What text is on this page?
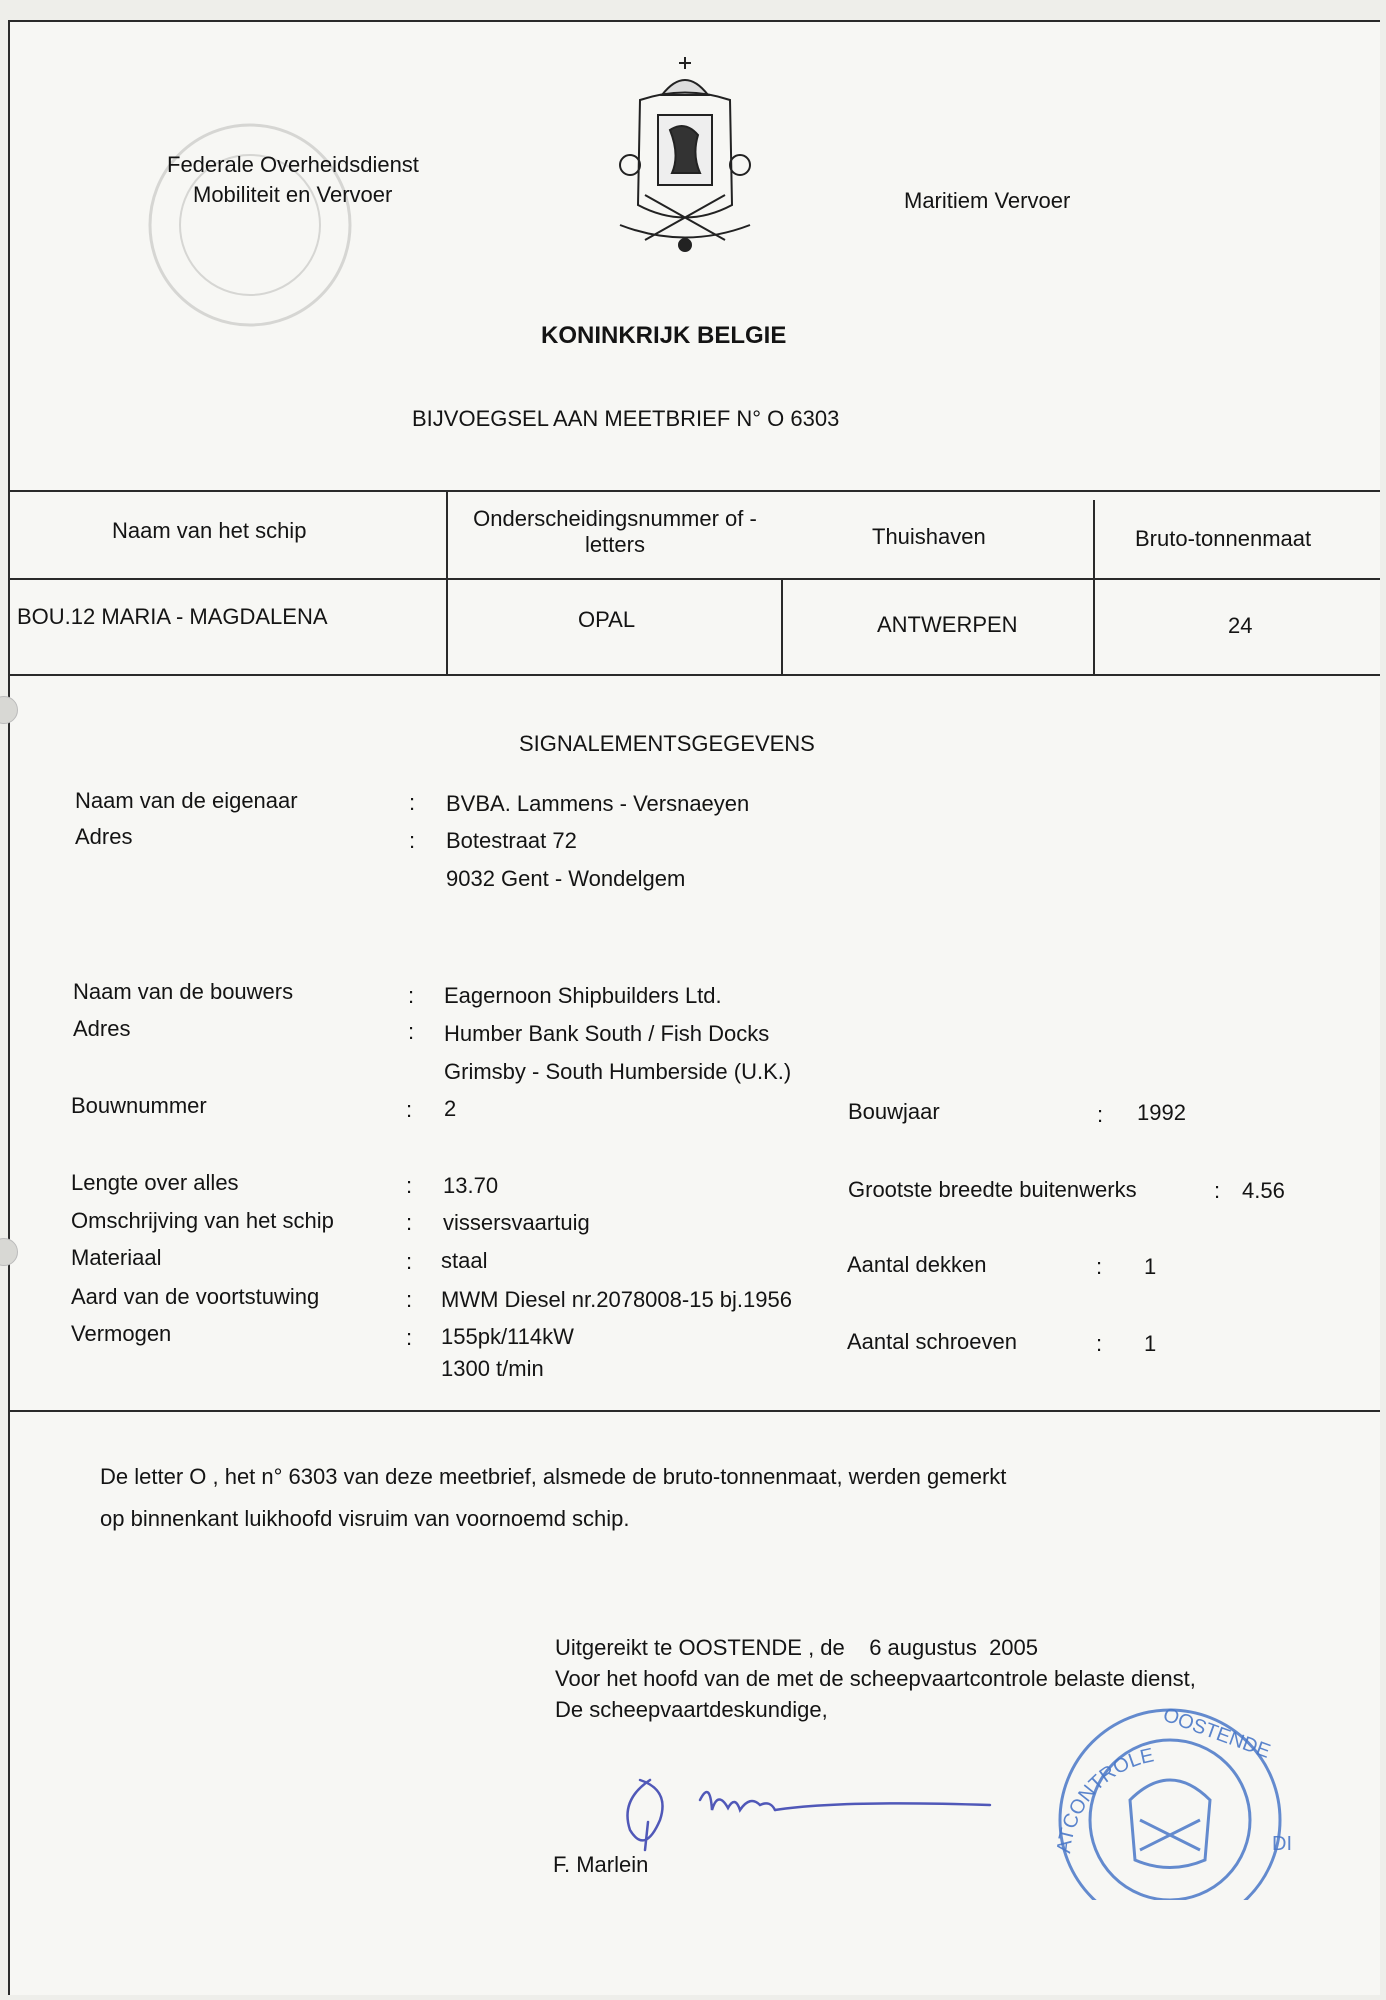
Federale Overheidsdienst
Mobiliteit en Vervoer	Maritiem Vervoer
KONINKRIJK BELGIE
BIJVOEGSEL AAN MEETBRIEF N° O 6303
Naam van het schip	Onderscheidingsnummer of -letters	Thuishaven	Bruto-tonnenmaat
BOU.12 MARIA - MAGDALENA	OPAL	ANTWERPEN	24
SIGNALEMENTSGEGEVENS
Naam van de eigenaar	:	BVBA. Lammens - Versnaeyen
Adres	:	Botestraat 72
9032 Gent - Wondelgem
Naam van de bouwers	:	Eagernoon Shipbuilders Ltd.
Adres	:	Humber Bank South / Fish Docks
Grimsby - South Humberside (U.K.)
Bouwnummer	:	2	Bouwjaar	:	1992
Lengte over alles	:	13.70	Grootste breedte buitenwerks	: 4.56
Omschrijving van het schip	:	vissersvaartuig
Materiaal	:	staal	Aantal dekken	:	1
Aard van de voortstuwing	:	MWM Diesel nr.2078008-15 bj.1956
Vermogen	:	155pk/114kW
1300 t/min
Aantal schroeven	:	1
De letter O , het n° 6303 van deze meetbrief, alsmede de bruto-tonnenmaat, werden gemerkt
op binnenkant luikhoofd visruim van voornoemd schip.
Uitgereikt te OOSTENDE , de    6 augustus  2005
Voor het hoofd van de met de scheepvaartcontrole belaste dienst,
De scheepvaartdeskundige,
F. Marlein
ATCONTROLE OOSTENDE
DI
